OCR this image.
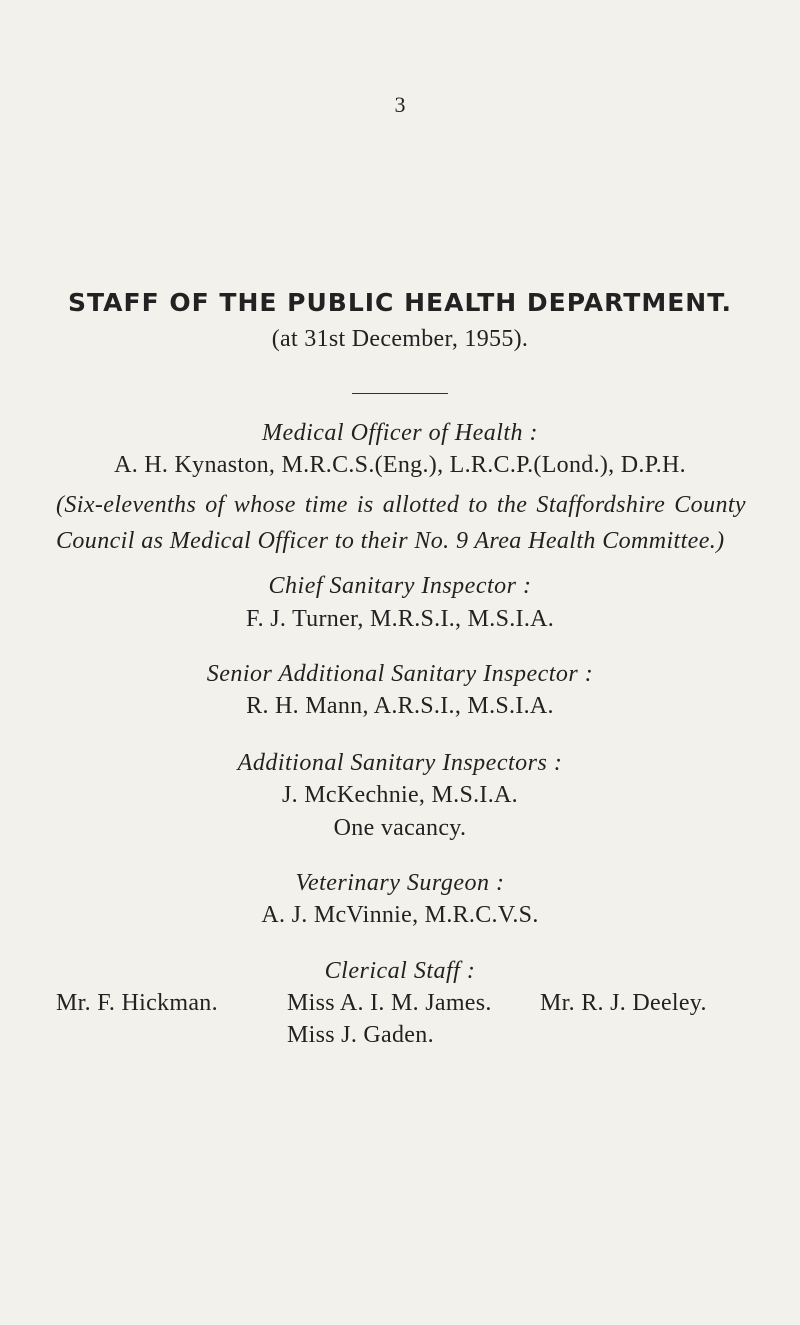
3
STAFF OF THE PUBLIC HEALTH DEPARTMENT.
(at 31st December, 1955).
Medical Officer of Health :
A. H. Kynaston, M.R.C.S.(Eng.), L.R.C.P.(Lond.), D.P.H.
(Six-elevenths of whose time is allotted to the Staffordshire County Council as Medical Officer to their No. 9 Area Health Committee.)
Chief Sanitary Inspector :
F. J. Turner, M.R.S.I., M.S.I.A.
Senior Additional Sanitary Inspector :
R. H. Mann, A.R.S.I., M.S.I.A.
Additional Sanitary Inspectors :
J. McKechnie, M.S.I.A.
One vacancy.
Veterinary Surgeon :
A. J. McVinnie, M.R.C.V.S.
Clerical Staff :
Mr. F. Hickman.	Miss A. I. M. James. Mr. R. J. Deeley.
Miss J. Gaden.
